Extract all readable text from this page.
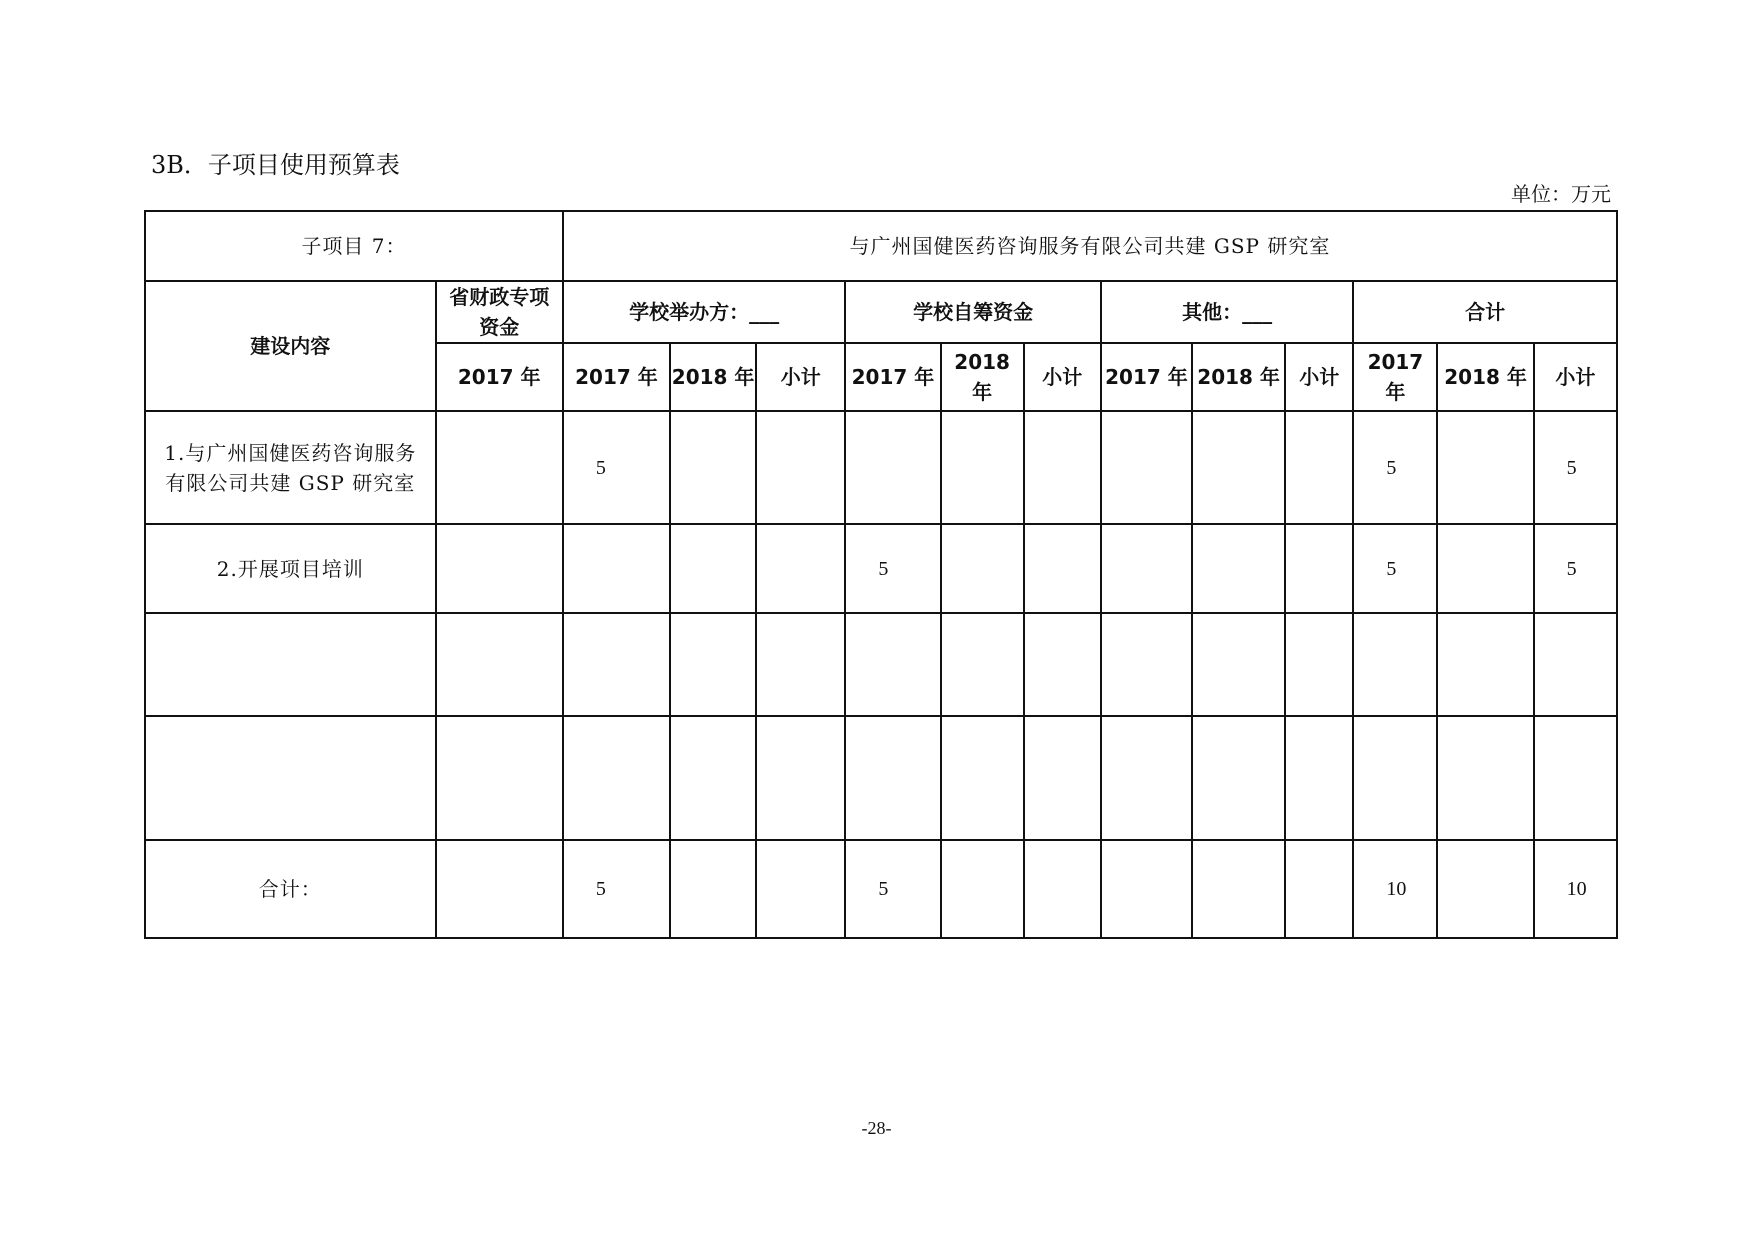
3B．子项目使用预算表
单位：万元
子项目 7：		与广州国健医药咨询服务有限公司共建 GSP 研究室											
建设内容	省财政专项资金	学校举办方：___			学校自筹资金			其他：___			合计		
	2017 年	2017 年	2018 年	小计	2017 年	2018 年	小计	2017 年	2018 年	小计	2017 年	2018 年	小计
1.与广州国健医药咨询服务有限公司共建 GSP 研究室		5									5		5
2.开展项目培训					5						5		5

合计：		5			5						10		10
-28-
